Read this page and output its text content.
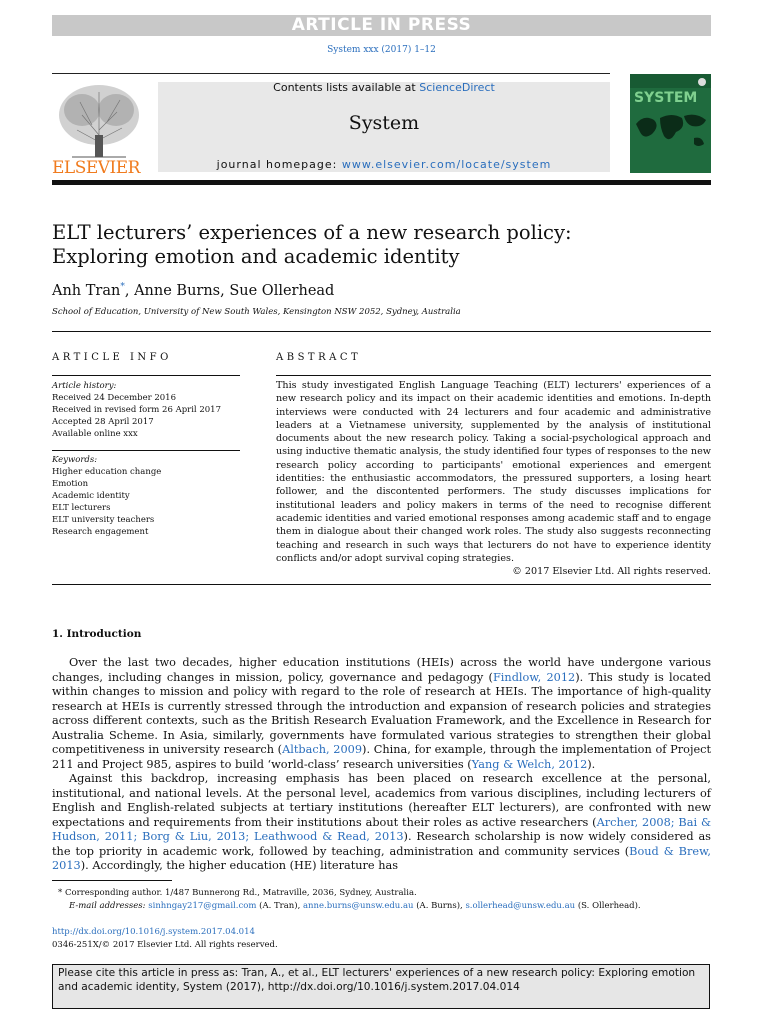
ARTICLE IN PRESS
System xxx (2017) 1–12
ELSEVIER
Contents lists available at ScienceDirect
System
journal homepage: www.elsevier.com/locate/system
SYSTEM
ELT lecturers’ experiences of a new research policy: Exploring emotion and academic identity
Anh Tran*, Anne Burns, Sue Ollerhead
School of Education, University of New South Wales, Kensington NSW 2052, Sydney, Australia
ARTICLE INFO	ABSTRACT
Article history:
Received 24 December 2016
Received in revised form 26 April 2017
Accepted 28 April 2017
Available online xxx
Keywords:
Higher education change
Emotion
Academic identity
ELT lecturers
ELT university teachers
Research engagement
This study investigated English Language Teaching (ELT) lecturers' experiences of a new research policy and its impact on their academic identities and emotions. In-depth interviews were conducted with 24 lecturers and four academic and administrative leaders at a Vietnamese university, supplemented by the analysis of institutional documents about the new research policy. Taking a social-psychological approach and using inductive thematic analysis, the study identified four types of responses to the new research policy according to participants' emotional experiences and emergent identities: the enthusiastic accommodators, the pressured supporters, a losing heart follower, and the discontented performers. The study discusses implications for institutional leaders and policy makers in terms of the need to recognise different academic identities and varied emotional responses among academic staff and to engage them in dialogue about their changed work roles. The study also suggests reconnecting teaching and research in such ways that lecturers do not have to experience identity conflicts and/or adopt survival coping strategies.
© 2017 Elsevier Ltd. All rights reserved.
1. Introduction

Over the last two decades, higher education institutions (HEIs) across the world have undergone various changes, including changes in mission, policy, governance and pedagogy (Findlow, 2012). This study is located within changes to mission and policy with regard to the role of research at HEIs. The importance of high-quality research at HEIs is currently stressed through the introduction and expansion of research policies and strategies across different contexts, such as the British Research Evaluation Framework, and the Excellence in Research for Australia Scheme. In Asia, similarly, governments have formulated various strategies to strengthen their global competitiveness in university research (Altbach, 2009). China, for example, through the implementation of Project 211 and Project 985, aspires to build ‘world-class’ research universities (Yang & Welch, 2012).

Against this backdrop, increasing emphasis has been placed on research excellence at the personal, institutional, and national levels. At the personal level, academics from various disciplines, including lecturers of English and English-related subjects at tertiary institutions (hereafter ELT lecturers), are confronted with new expectations and requirements from their institutions about their roles as active researchers (Archer, 2008; Bai & Hudson, 2011; Borg & Liu, 2013; Leathwood & Read, 2013). Research scholarship is now widely considered as the top priority in academic work, followed by teaching, administration and community services (Boud & Brew, 2013). Accordingly, the higher education (HE) literature has

* Corresponding author. 1/487 Bunnerong Rd., Matraville, 2036, Sydney, Australia.
E-mail addresses: sinhngay217@gmail.com (A. Tran), anne.burns@unsw.edu.au (A. Burns), s.ollerhead@unsw.edu.au (S. Ollerhead).
http://dx.doi.org/10.1016/j.system.2017.04.014
0346-251X/© 2017 Elsevier Ltd. All rights reserved.
Please cite this article in press as: Tran, A., et al., ELT lecturers' experiences of a new research policy: Exploring emotion and academic identity, System (2017), http://dx.doi.org/10.1016/j.system.2017.04.014
